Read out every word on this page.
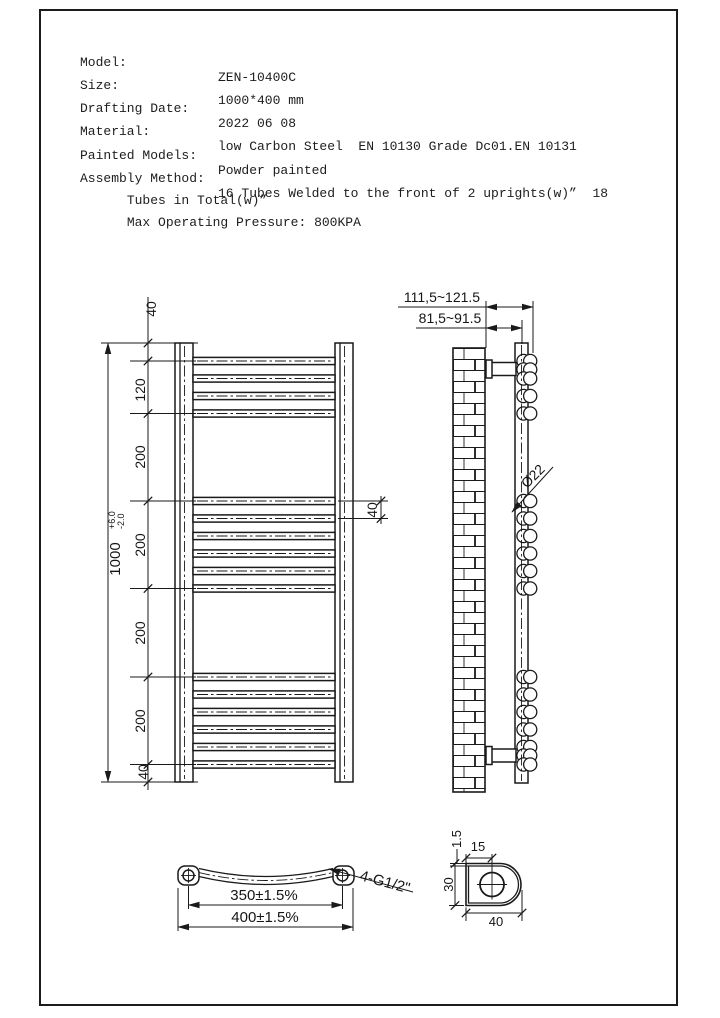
40
120
200
200
200
200
40
1000
+6.0 -2.0
40
111,5~121.5
81,5~91.5
Ø22
350±1.5%
400±1.5%
4-G1/2"
1.5 15
30
40

Model:

ZEN-10400C

Size:

1000*400 mm

Drafting Date:

2022 06 08

Material:

low Carbon Steel  EN 10130 Grade Dc01.EN 10131

Painted Models:

Powder painted

Assembly Method:

16 Tubes Welded to the front of 2 uprights(w)”  18

Tubes in Total(w)”

Max Operating Pressure: 800KPA
